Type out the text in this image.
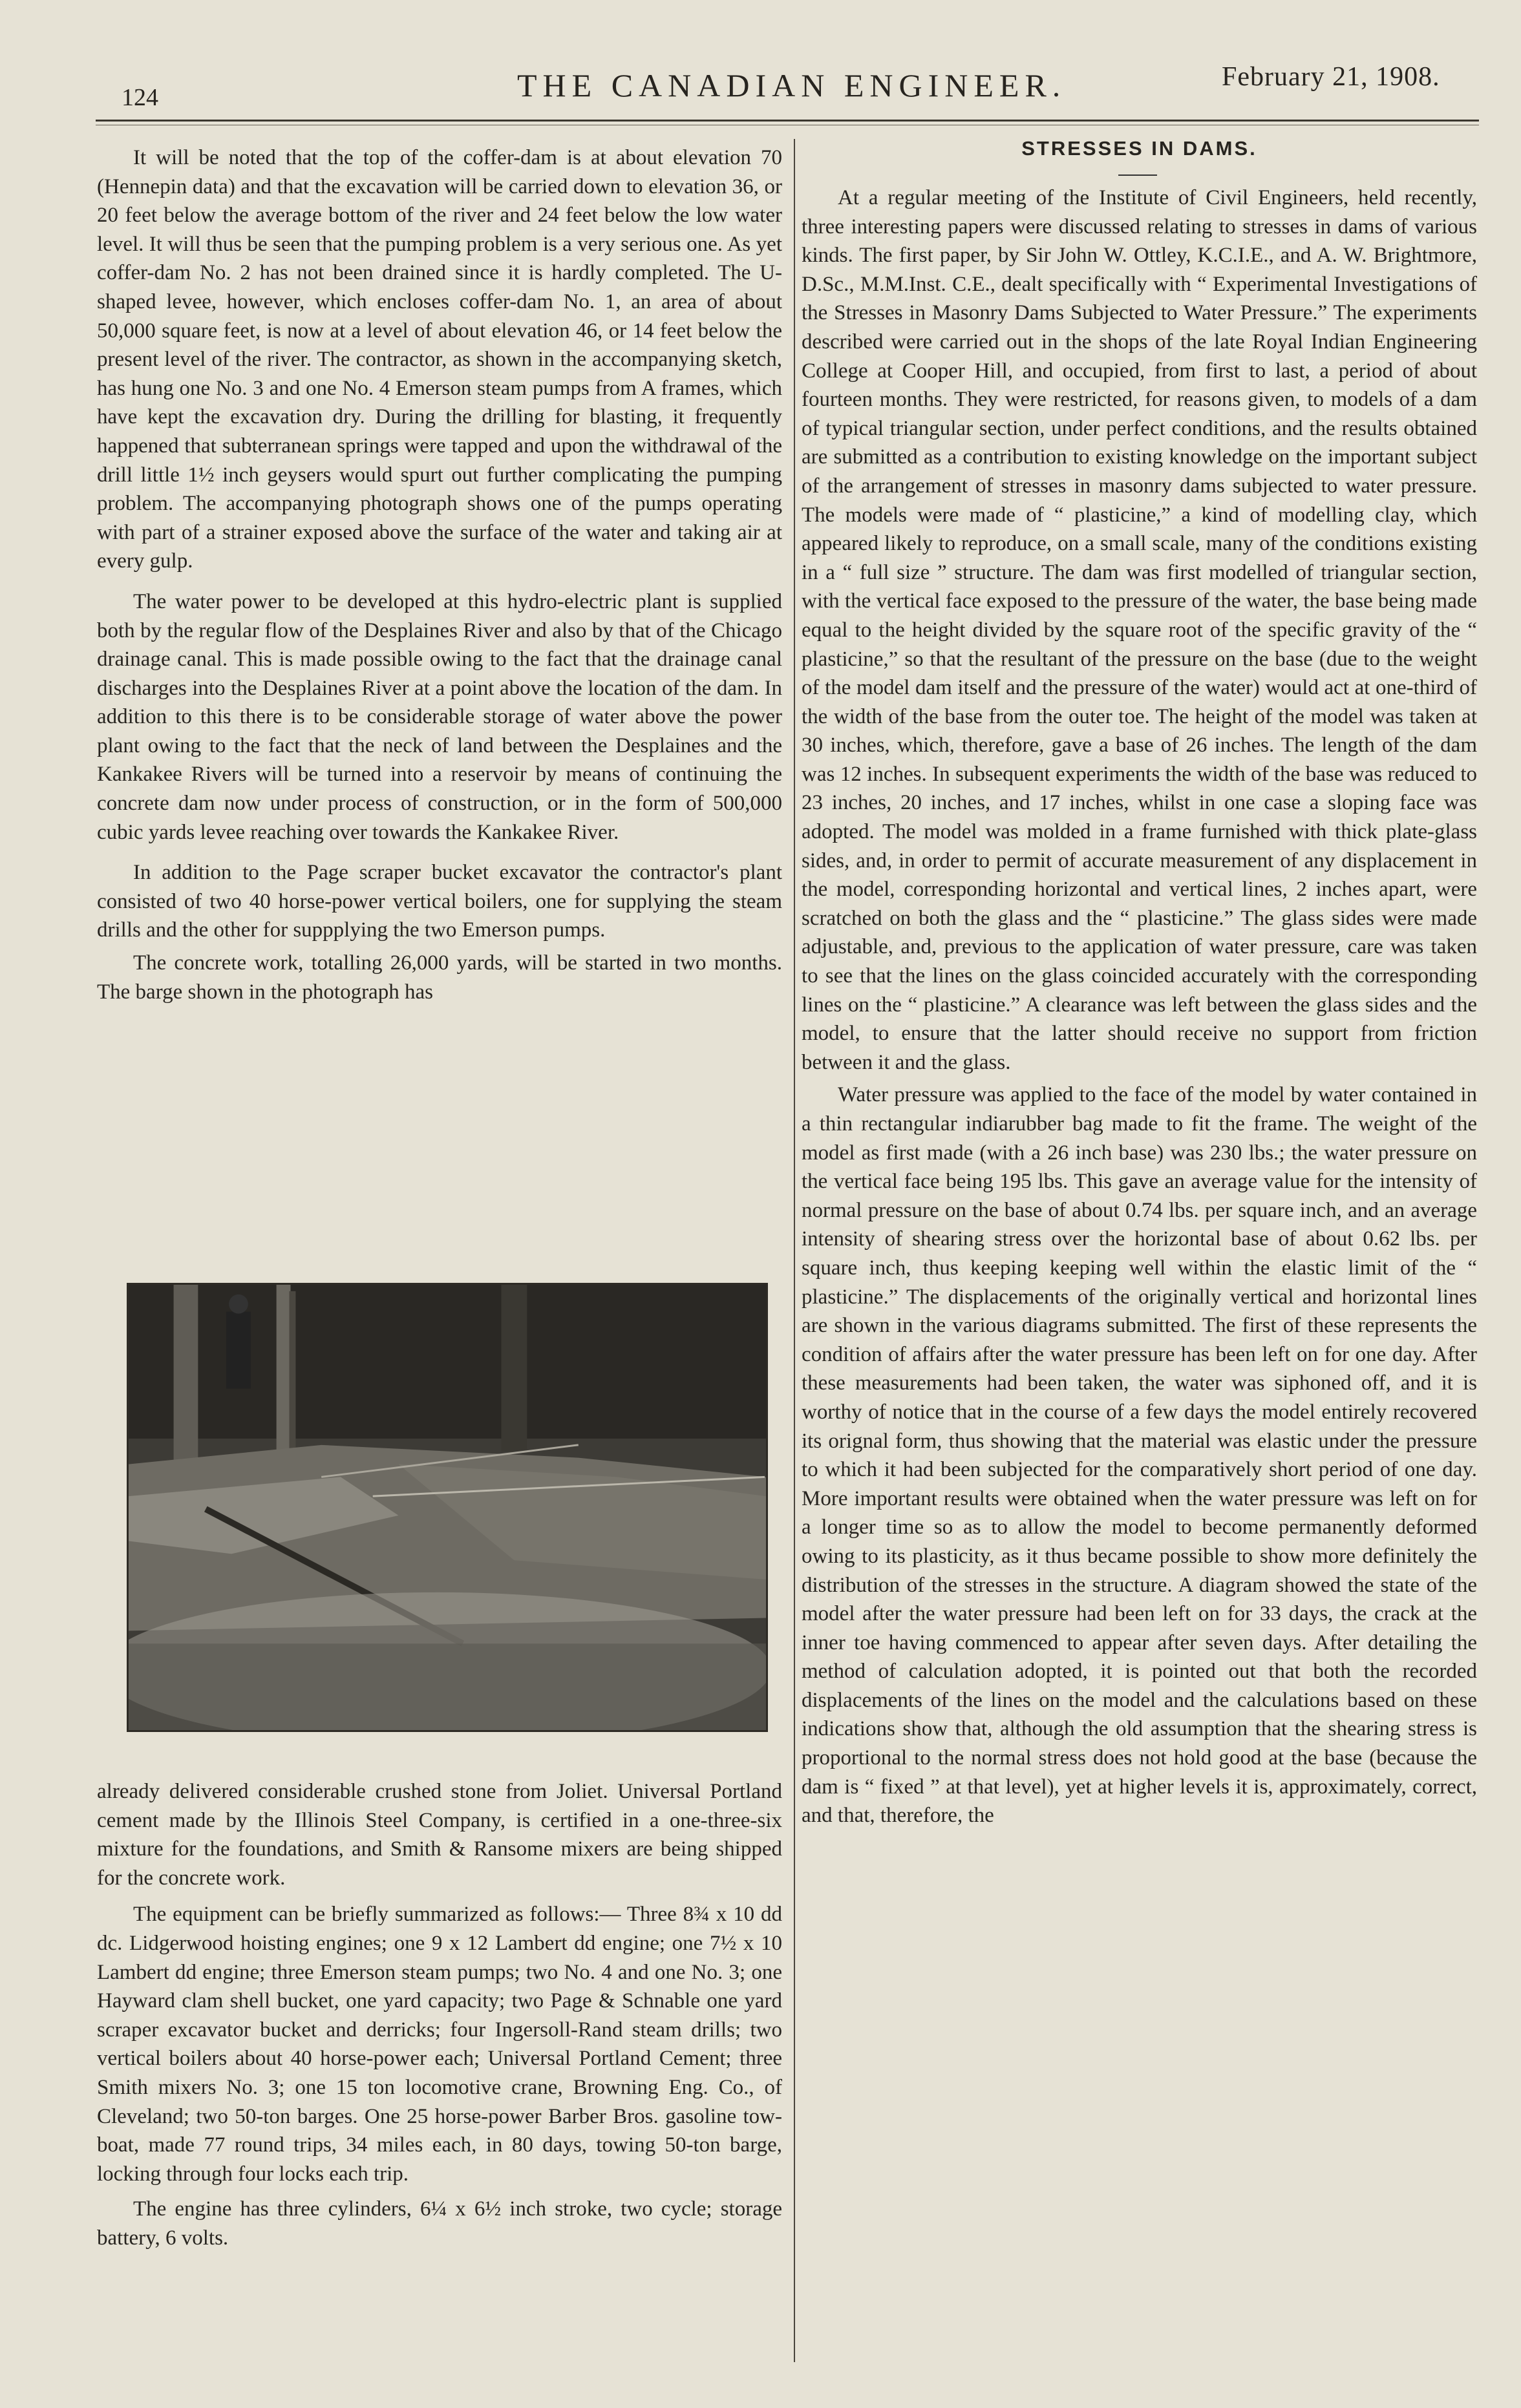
124	THE CANADIAN ENGINEER.	February 21, 1908.

It will be noted that the top of the coffer-dam is at about elevation 70 (Hennepin data) and that the excavation will be carried down to elevation 36, or 20 feet below the average bottom of the river and 24 feet below the low water level. It will thus be seen that the pumping problem is a very serious one. As yet coffer-dam No. 2 has not been drained since it is hardly completed. The U-shaped levee, however, which encloses coffer-dam No. 1, an area of about 50,000 square feet, is now at a level of about elevation 46, or 14 feet below the present level of the river. The contractor, as shown in the accompanying sketch, has hung one No. 3 and one No. 4 Emerson steam pumps from A frames, which have kept the excavation dry. During the drilling for blasting, it frequently happened that subterranean springs were tapped and upon the withdrawal of the drill little 1½ inch geysers would spurt out further complicating the pumping problem. The accompanying photograph shows one of the pumps operating with part of a strainer exposed above the surface of the water and taking air at every gulp.

The water power to be developed at this hydro-electric plant is supplied both by the regular flow of the Desplaines River and also by that of the Chicago drainage canal. This is made possible owing to the fact that the drainage canal discharges into the Desplaines River at a point above the location of the dam. In addition to this there is to be considerable storage of water above the power plant owing to the fact that the neck of land between the Desplaines and the Kankakee Rivers will be turned into a reservoir by means of continuing the concrete dam now under process of construction, or in the form of 500,000 cubic yards levee reaching over towards the Kankakee River.

In addition to the Page scraper bucket excavator the contractor's plant consisted of two 40 horse-power vertical boilers, one for supplying the steam drills and the other for suppplying the two Emerson pumps.

The concrete work, totalling 26,000 yards, will be started in two months. The barge shown in the photograph has

already delivered considerable crushed stone from Joliet. Universal Portland cement made by the Illinois Steel Company, is certified in a one-three-six mixture for the foundations, and Smith & Ransome mixers are being shipped for the concrete work.

The equipment can be briefly summarized as follows:— Three 8¾ x 10 dd dc. Lidgerwood hoisting engines; one 9 x 12 Lambert dd engine; one 7½ x 10 Lambert dd engine; three Emerson steam pumps; two No. 4 and one No. 3; one Hayward clam shell bucket, one yard capacity; two Page & Schnable one yard scraper excavator bucket and derricks; four Ingersoll-Rand steam drills; two vertical boilers about 40 horse-power each; Universal Portland Cement; three Smith mixers No. 3; one 15 ton locomotive crane, Browning Eng. Co., of Cleveland; two 50-ton barges. One 25 horse-power Barber Bros. gasoline tow-boat, made 77 round trips, 34 miles each, in 80 days, towing 50-ton barge, locking through four locks each trip.

The engine has three cylinders, 6¼ x 6½ inch stroke, two cycle; storage battery, 6 volts.

STRESSES IN DAMS.

At a regular meeting of the Institute of Civil Engineers, held recently, three interesting papers were discussed relating to stresses in dams of various kinds. The first paper, by Sir John W. Ottley, K.C.I.E., and A. W. Brightmore, D.Sc., M.M.Inst. C.E., dealt specifically with “ Experimental Investigations of the Stresses in Masonry Dams Subjected to Water Pressure.” The experiments described were carried out in the shops of the late Royal Indian Engineering College at Cooper Hill, and occupied, from first to last, a period of about fourteen months. They were restricted, for reasons given, to models of a dam of typical triangular section, under perfect conditions, and the results obtained are submitted as a contribution to existing knowledge on the important subject of the arrangement of stresses in masonry dams subjected to water pressure. The models were made of “ plasticine,” a kind of modelling clay, which appeared likely to reproduce, on a small scale, many of the conditions existing in a “ full size ” structure. The dam was first modelled of triangular section, with the vertical face exposed to the pressure of the water, the base being made equal to the height divided by the square root of the specific gravity of the “ plasticine,” so that the resultant of the pressure on the base (due to the weight of the model dam itself and the pressure of the water) would act at one-third of the width of the base from the outer toe. The height of the model was taken at 30 inches, which, therefore, gave a base of 26 inches. The length of the dam was 12 inches. In subsequent experiments the width of the base was reduced to 23 inches, 20 inches, and 17 inches, whilst in one case a sloping face was adopted. The model was molded in a frame furnished with thick plate-glass sides, and, in order to permit of accurate measurement of any displacement in the model, corresponding horizontal and vertical lines, 2 inches apart, were scratched on both the glass and the “ plasticine.” The glass sides were made adjustable, and, previous to the application of water pressure, care was taken to see that the lines on the glass coincided accurately with the corresponding lines on the “ plasticine.” A clearance was left between the glass sides and the model, to ensure that the latter should receive no support from friction between it and the glass.

Water pressure was applied to the face of the model by water contained in a thin rectangular indiarubber bag made to fit the frame. The weight of the model as first made (with a 26 inch base) was 230 lbs.; the water pressure on the vertical face being 195 lbs. This gave an average value for the intensity of normal pressure on the base of about 0.74 lbs. per square inch, and an average intensity of shearing stress over the horizontal base of about 0.62 lbs. per square inch, thus keeping keeping well within the elastic limit of the “ plasticine.” The displacements of the originally vertical and horizontal lines are shown in the various diagrams submitted. The first of these represents the condition of affairs after the water pressure has been left on for one day. After these measurements had been taken, the water was siphoned off, and it is worthy of notice that in the course of a few days the model entirely recovered its orignal form, thus showing that the material was elastic under the pressure to which it had been subjected for the comparatively short period of one day. More important results were obtained when the water pressure was left on for a longer time so as to allow the model to become permanently deformed owing to its plasticity, as it thus became possible to show more definitely the distribution of the stresses in the structure. A diagram showed the state of the model after the water pressure had been left on for 33 days, the crack at the inner toe having commenced to appear after seven days. After detailing the method of calculation adopted, it is pointed out that both the recorded displacements of the lines on the model and the calculations based on these indications show that, although the old assumption that the shearing stress is proportional to the normal stress does not hold good at the base (because the dam is “ fixed ” at that level), yet at higher levels it is, approximately, correct, and that, therefore, the
